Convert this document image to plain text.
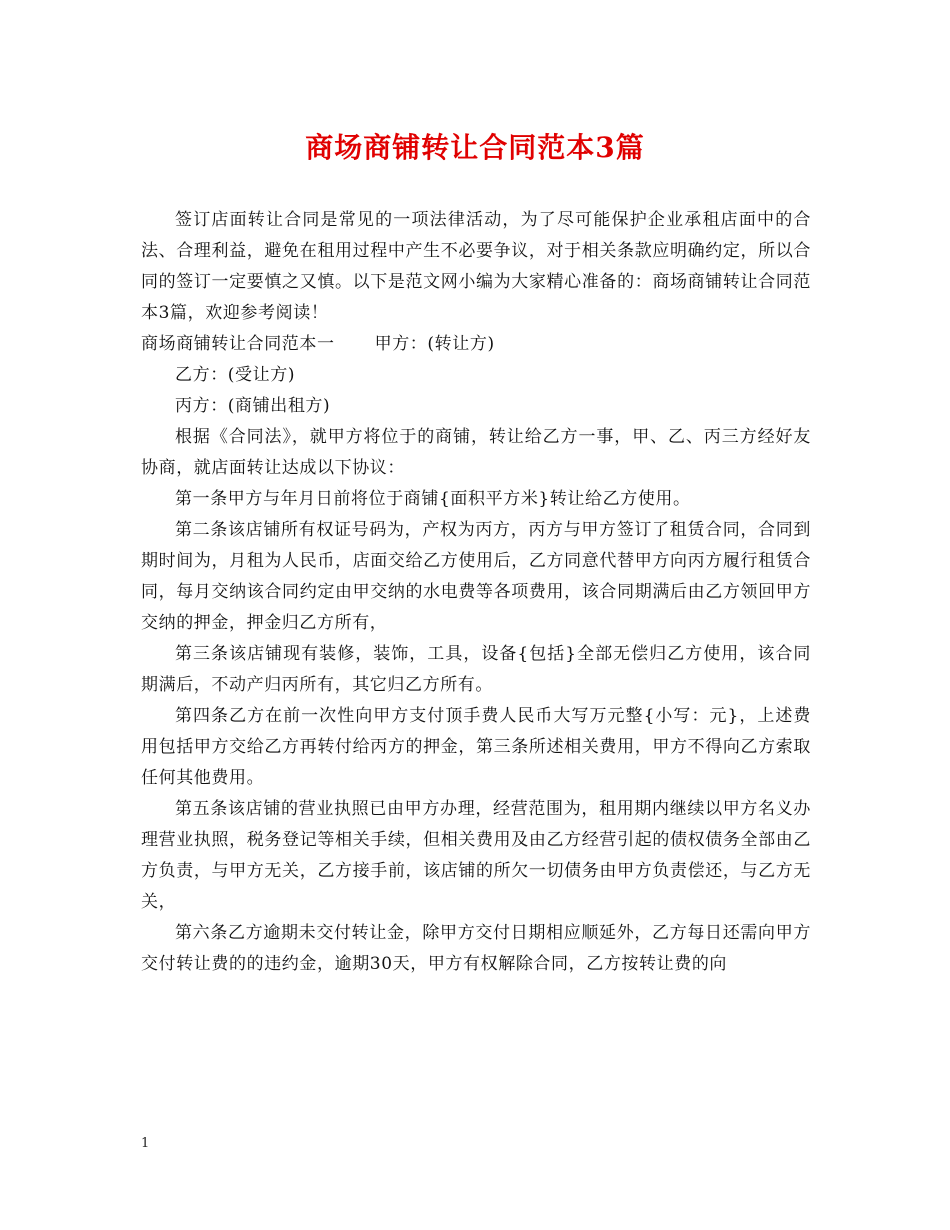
商场商铺转让合同范本3篇

签订店面转让合同是常见的一项法律活动，为了尽可能保护企业承租店面中的合法、合理利益，避免在租用过程中产生不必要争议，对于相关条款应明确约定，所以合同的签订一定要慎之又慎。以下是范文网小编为大家精心准备的：商场商铺转让合同范本3篇，欢迎参考阅读！

商场商铺转让合同范本一 甲方：(转让方)

乙方：(受让方)

丙方：(商铺出租方)

根据《合同法》，就甲方将位于的商铺，转让给乙方一事，甲、乙、丙三方经好友协商，就店面转让达成以下协议：

第一条甲方与年月日前将位于商铺{面积平方米}转让给乙方使用。

第二条该店铺所有权证号码为，产权为丙方，丙方与甲方签订了租赁合同，合同到期时间为，月租为人民币，店面交给乙方使用后，乙方同意代替甲方向丙方履行租赁合同，每月交纳该合同约定由甲交纳的水电费等各项费用，该合同期满后由乙方领回甲方交纳的押金，押金归乙方所有，

第三条该店铺现有装修，装饰，工具，设备{包括}全部无偿归乙方使用，该合同期满后，不动产归丙所有，其它归乙方所有。

第四条乙方在前一次性向甲方支付顶手费人民币大写万元整{小写：元}，上述费用包括甲方交给乙方再转付给丙方的押金，第三条所述相关费用，甲方不得向乙方索取任何其他费用。

第五条该店铺的营业执照已由甲方办理，经营范围为，租用期内继续以甲方名义办理营业执照，税务登记等相关手续，但相关费用及由乙方经营引起的债权债务全部由乙方负责，与甲方无关，乙方接手前，该店铺的所欠一切债务由甲方负责偿还，与乙方无关，

第六条乙方逾期未交付转让金，除甲方交付日期相应顺延外，乙方每日还需向甲方交付转让费的的违约金，逾期30天，甲方有权解除合同，乙方按转让费的向

1
